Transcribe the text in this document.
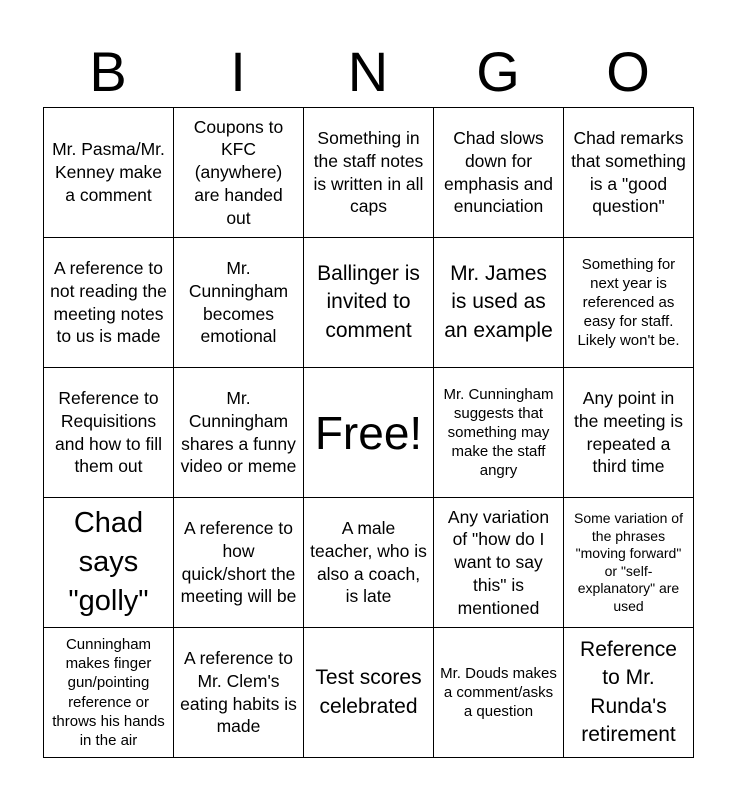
B	I	N	G	O
Mr. Pasma/Mr. Kenney make a comment
Coupons to KFC (anywhere) are handed out
Something in the staff notes is written in all caps
Chad slows down for emphasis and enunciation
Chad remarks that something is a "good question"
A reference to not reading the meeting notes to us is made
Mr. Cunningham becomes emotional
Ballinger is invited to comment
Mr. James is used as an example
Something for next year is referenced as easy for staff. Likely won't be.
Reference to Requisitions and how to fill them out
Mr. Cunningham shares a funny video or meme
Free!
Mr. Cunningham suggests that something may make the staff angry
Any point in the meeting is repeated a third time
Chad says "golly"
A reference to how quick/short the meeting will be
A male teacher, who is also a coach, is late
Any variation of "how do I want to say this" is mentioned
Some variation of the phrases "moving forward" or "self-explanatory" are used
Cunningham makes finger gun/pointing reference or throws his hands in the air
A reference to Mr. Clem's eating habits is made
Test scores celebrated
Mr. Douds makes a comment/asks a question
Reference to Mr. Runda's retirement
